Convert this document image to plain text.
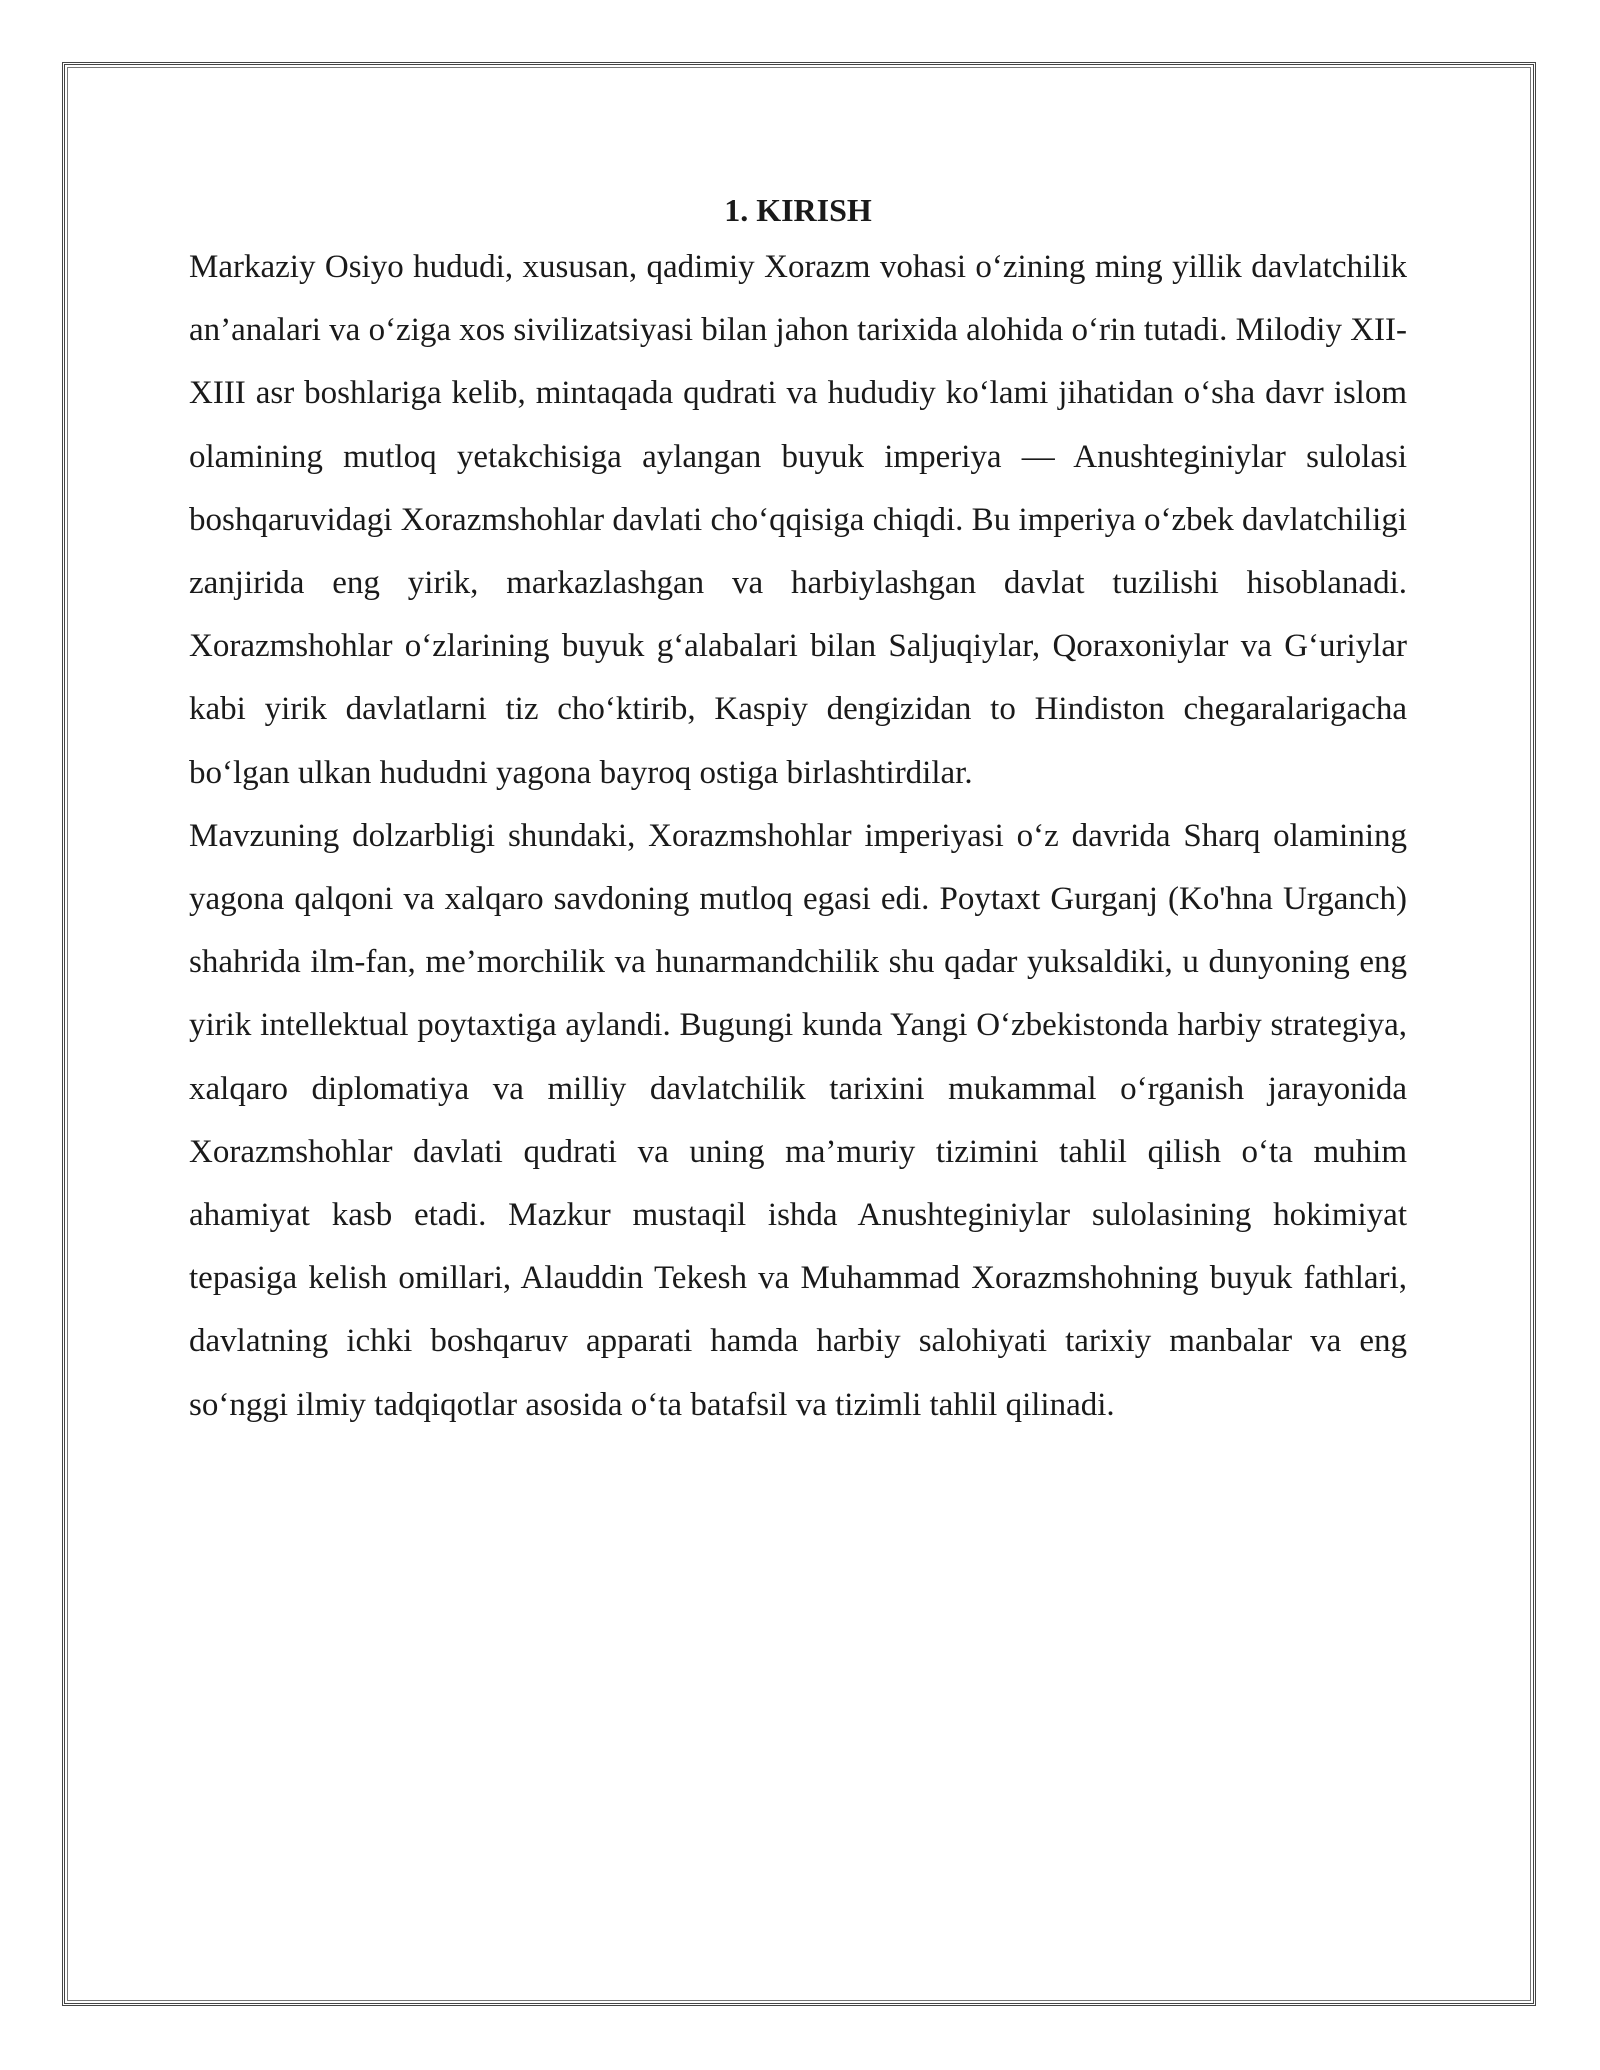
1. KIRISH

Markaziy Osiyo hududi, xususan, qadimiy Xorazm vohasi o‘zining ming yillik davlatchilik an’analari va o‘ziga xos sivilizatsiyasi bilan jahon tarixida alohida o‘rin tutadi. Milodiy XII-XIII asr boshlariga kelib, mintaqada qudrati va hududiy ko‘lami jihatidan o‘sha davr islom olamining mutloq yetakchisiga aylangan buyuk imperiya — Anushteginiylar sulolasi boshqaruvidagi Xorazmshohlar davlati cho‘qqisiga chiqdi. Bu imperiya o‘zbek davlatchiligi zanjirida eng yirik, markazlashgan va harbiylashgan davlat tuzilishi hisoblanadi. Xorazmshohlar o‘zlarining buyuk g‘alabalari bilan Saljuqiylar, Qoraxoniylar va G‘uriylar kabi yirik davlatlarni tiz cho‘ktirib, Kaspiy dengizidan to Hindiston chegaralarigacha bo‘lgan ulkan hududni yagona bayroq ostiga birlashtirdilar.

Mavzuning dolzarbligi shundaki, Xorazmshohlar imperiyasi o‘z davrida Sharq olamining yagona qalqoni va xalqaro savdoning mutloq egasi edi. Poytaxt Gurganj (Ko'hna Urganch) shahrida ilm-fan, me’morchilik va hunarmandchilik shu qadar yuksaldiki, u dunyoning eng yirik intellektual poytaxtiga aylandi. Bugungi kunda Yangi O‘zbekistonda harbiy strategiya, xalqaro diplomatiya va milliy davlatchilik tarixini mukammal o‘rganish jarayonida Xorazmshohlar davlati qudrati va uning ma’muriy tizimini tahlil qilish o‘ta muhim ahamiyat kasb etadi. Mazkur mustaqil ishda Anushteginiylar sulolasining hokimiyat tepasiga kelish omillari, Alauddin Tekesh va Muhammad Xorazmshohning buyuk fathlari, davlatning ichki boshqaruv apparati hamda harbiy salohiyati tarixiy manbalar va eng so‘nggi ilmiy tadqiqotlar asosida o‘ta batafsil va tizimli tahlil qilinadi.
